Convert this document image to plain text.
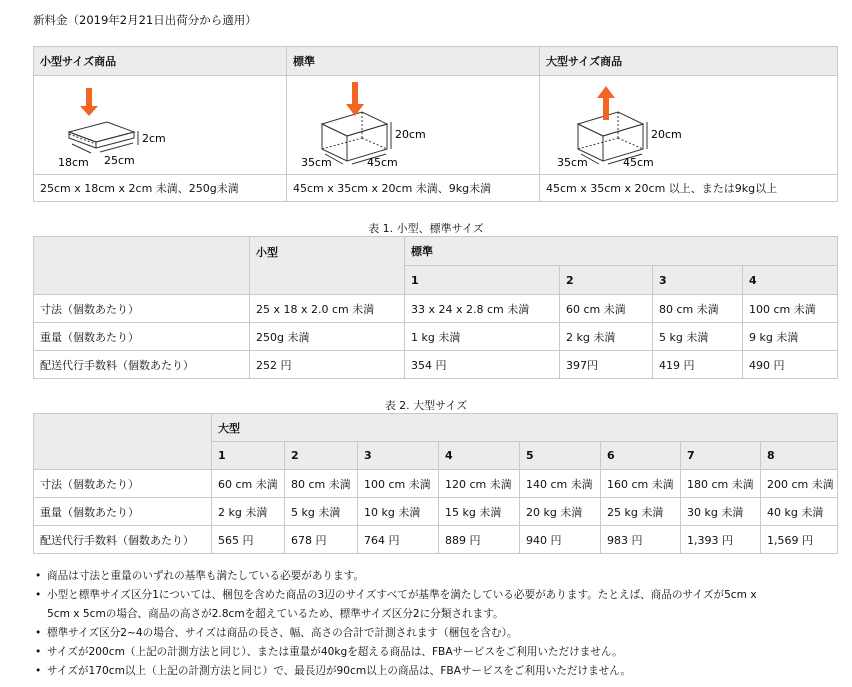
新料金（2019年2月21日出荷分から適用）
小型サイズ商品	標準	大型サイズ商品

2cm
18cm 25cm	20cm
35cm 45cm	20cm
35cm 45cm

25cm x 18cm x 2cm 未満、250g未満	45cm x 35cm x 20cm 未満、9kg未満	45cm x 35cm x 20cm 以上、または9kg以上
表 1. 小型、標準サイズ
	小型	標準			
		1	2	3	4
寸法（個数あたり）	25 x 18 x 2.0 cm 未満	33 x 24 x 2.8 cm 未満	60 cm 未満	80 cm 未満	100 cm 未満
重量（個数あたり）	250g 未満	1 kg 未満	2 kg 未満	5 kg 未満	9 kg 未満
配送代行手数料（個数あたり）	252 円	354 円	397円	419 円	490 円
表 2. 大型サイズ
	大型							
	1	2	3	4	5	6	7	8
寸法（個数あたり）	60 cm 未満	80 cm 未満	100 cm 未満	120 cm 未満	140 cm 未満	160 cm 未満	180 cm 未満	200 cm 未満
重量（個数あたり）	2 kg 未満	5 kg 未満	10 kg 未満	15 kg 未満	20 kg 未満	25 kg 未満	30 kg 未満	40 kg 未満
配送代行手数料（個数あたり）	565 円	678 円	764 円	889 円	940 円	983 円	1,393 円	1,569 円
• 商品は寸法と重量のいずれの基準も満たしている必要があります。
• 小型と標準サイズ区分1については、梱包を含めた商品の3辺のサイズすべてが基準を満たしている必要があります。たとえば、商品のサイズが5cm x
5cm x 5cmの場合、商品の高さが2.8cmを超えているため、標準サイズ区分2に分類されます。
• 標準サイズ区分2~4の場合、サイズは商品の長さ、幅、高さの合計で計測されます（梱包を含む）。
• サイズが200cm（上記の計測方法と同じ）、または重量が40kgを超える商品は、FBAサービスをご利用いただけません。
• サイズが170cm以上（上記の計測方法と同じ）で、最長辺が90cm以上の商品は、FBAサービスをご利用いただけません。
